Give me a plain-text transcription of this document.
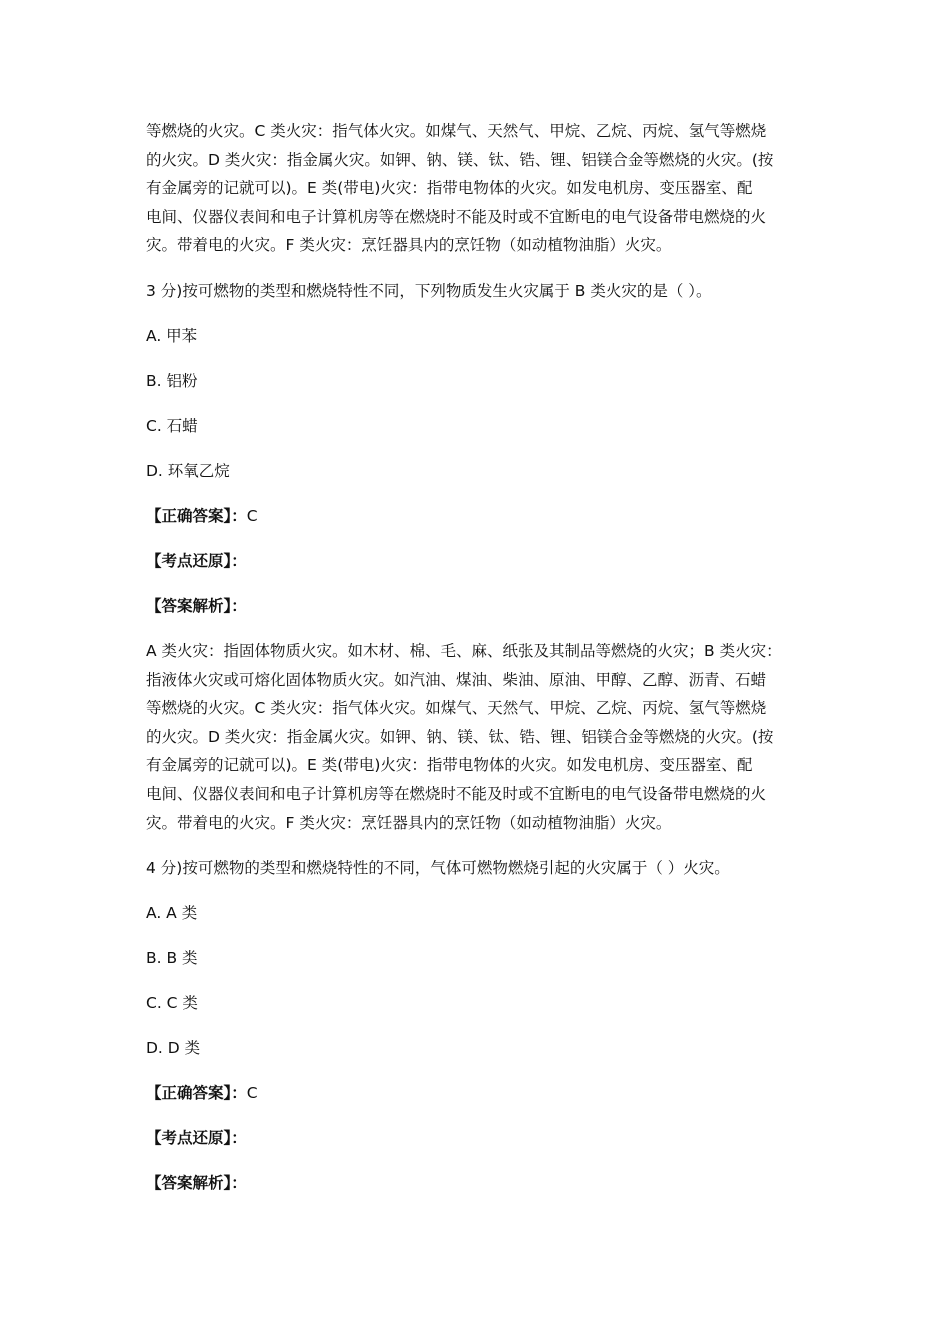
等燃烧的火灾。C 类火灾：指气体火灾。如煤气、天然气、甲烷、乙烷、丙烷、氢气等燃烧
的火灾。D 类火灾：指金属火灾。如钾、钠、镁、钛、锆、锂、铝镁合金等燃烧的火灾。(按
有金属旁的记就可以)。E 类(带电)火灾：指带电物体的火灾。如发电机房、变压器室、配
电间、仪器仪表间和电子计算机房等在燃烧时不能及时或不宜断电的电气设备带电燃烧的火
灾。带着电的火灾。F 类火灾：烹饪器具内的烹饪物（如动植物油脂）火灾。

3 分)按可燃物的类型和燃烧特性不同，下列物质发生火灾属于 B 类火灾的是（ ）。

A. 甲苯

B. 铝粉

C. 石蜡

D. 环氧乙烷

【正确答案】：C

【考点还原】：

【答案解析】：

A 类火灾：指固体物质火灾。如木材、棉、毛、麻、纸张及其制品等燃烧的火灾；B 类火灾：
指液体火灾或可熔化固体物质火灾。如汽油、煤油、柴油、原油、甲醇、乙醇、沥青、石蜡
等燃烧的火灾。C 类火灾：指气体火灾。如煤气、天然气、甲烷、乙烷、丙烷、氢气等燃烧
的火灾。D 类火灾：指金属火灾。如钾、钠、镁、钛、锆、锂、铝镁合金等燃烧的火灾。(按
有金属旁的记就可以)。E 类(带电)火灾：指带电物体的火灾。如发电机房、变压器室、配
电间、仪器仪表间和电子计算机房等在燃烧时不能及时或不宜断电的电气设备带电燃烧的火
灾。带着电的火灾。F 类火灾：烹饪器具内的烹饪物（如动植物油脂）火灾。

4 分)按可燃物的类型和燃烧特性的不同，气体可燃物燃烧引起的火灾属于（ ）火灾。

A. A 类

B. B 类

C. C 类

D. D 类

【正确答案】：C

【考点还原】：

【答案解析】：
